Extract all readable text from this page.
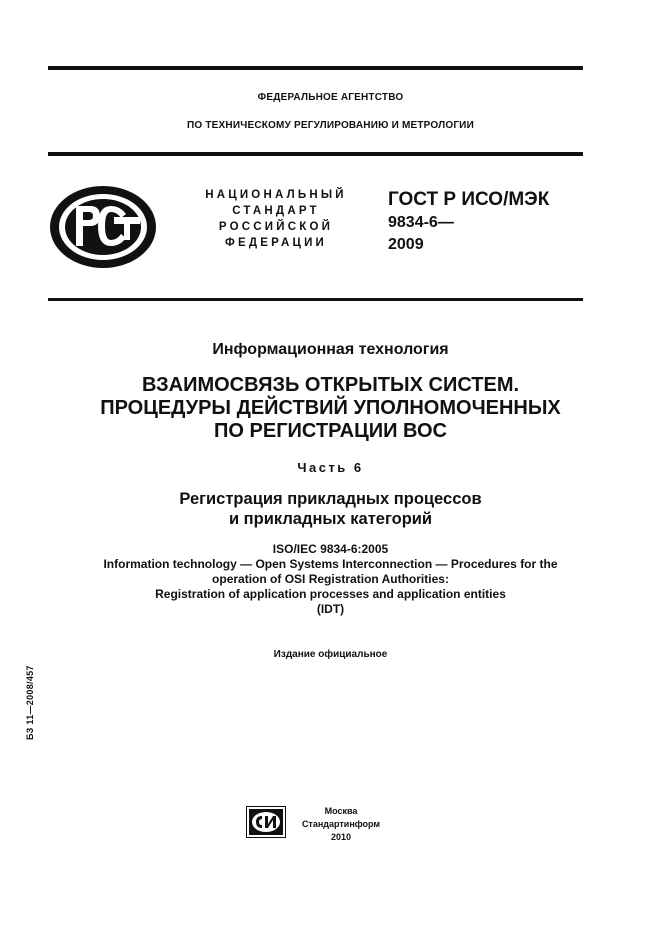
ФЕДЕРАЛЬНОЕ АГЕНТСТВО
ПО ТЕХНИЧЕСКОМУ РЕГУЛИРОВАНИЮ И МЕТРОЛОГИИ
НАЦИОНАЛЬНЫЙ
СТАНДАРТ
РОССИЙСКОЙ
ФЕДЕРАЦИИ
ГОСТ Р ИСО/МЭК
9834-6—
2009
Информационная технология
ВЗАИМОСВЯЗЬ ОТКРЫТЫХ СИСТЕМ.
ПРОЦЕДУРЫ ДЕЙСТВИЙ УПОЛНОМОЧЕННЫХ
ПО РЕГИСТРАЦИИ ВОС
Часть 6
Регистрация прикладных процессов
и прикладных категорий
ISO/IEC 9834-6:2005
Information technology — Open Systems Interconnection — Procedures for the
operation of OSI Registration Authorities:
Registration of application processes and application entities
(IDT)
Издание официальное
БЗ 11—2008/457
Москва
Стандартинформ
2010
